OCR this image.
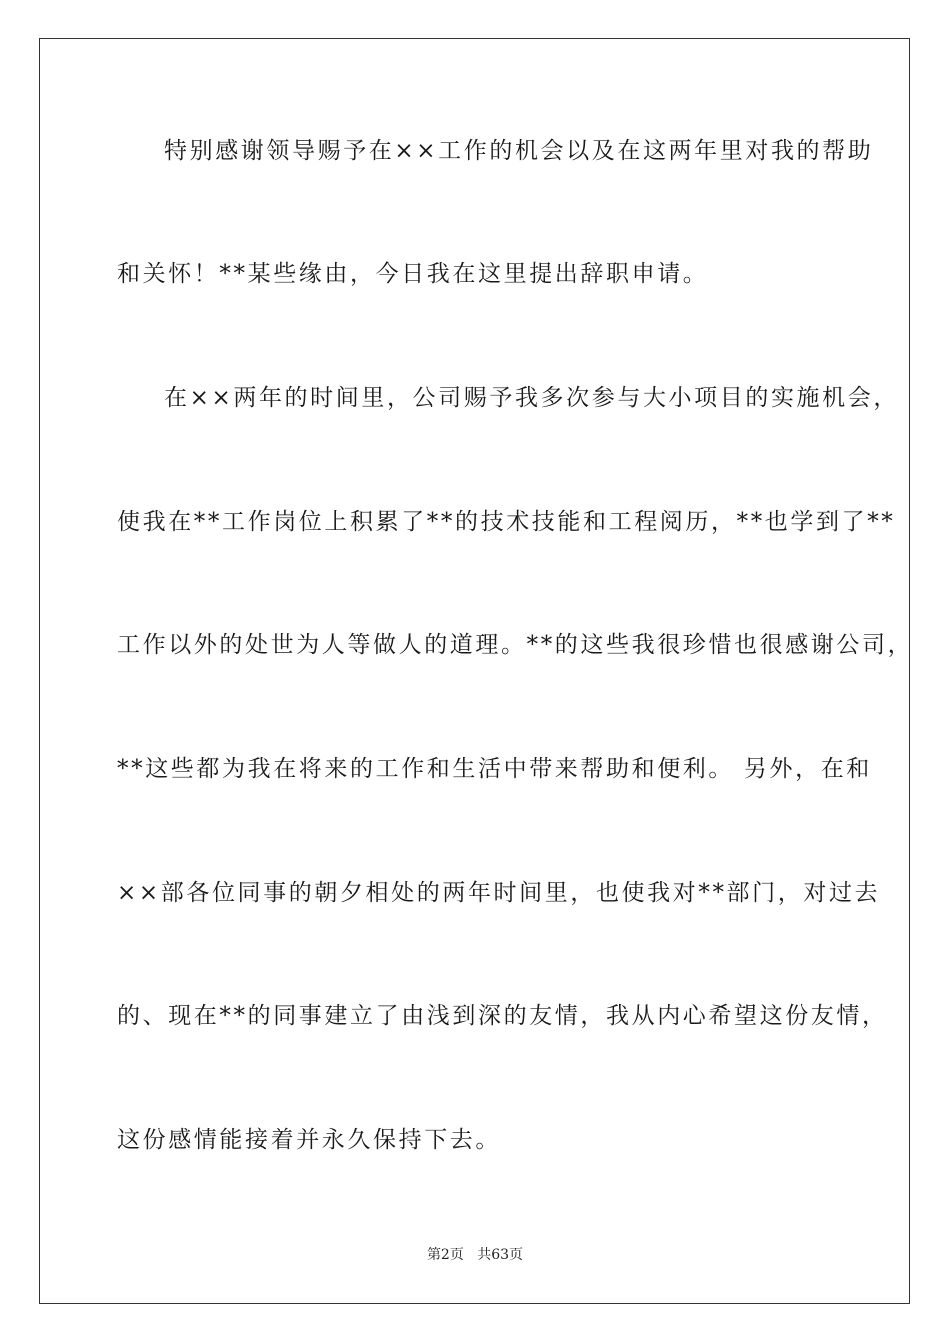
特别感谢领导赐予在××工作的机会以及在这两年里对我的帮助
和关怀！**某些缘由，今日我在这里提出辞职申请。
在××两年的时间里，公司赐予我多次参与大小项目的实施机会，
使我在**工作岗位上积累了**的技术技能和工程阅历，**也学到了**
工作以外的处世为人等做人的道理。**的这些我很珍惜也很感谢公司，
**这些都为我在将来的工作和生活中带来帮助和便利。 另外，在和
××部各位同事的朝夕相处的两年时间里，也使我对**部门，对过去
的、现在**的同事建立了由浅到深的友情，我从内心希望这份友情，
这份感情能接着并永久保持下去。
第2页 共63页
